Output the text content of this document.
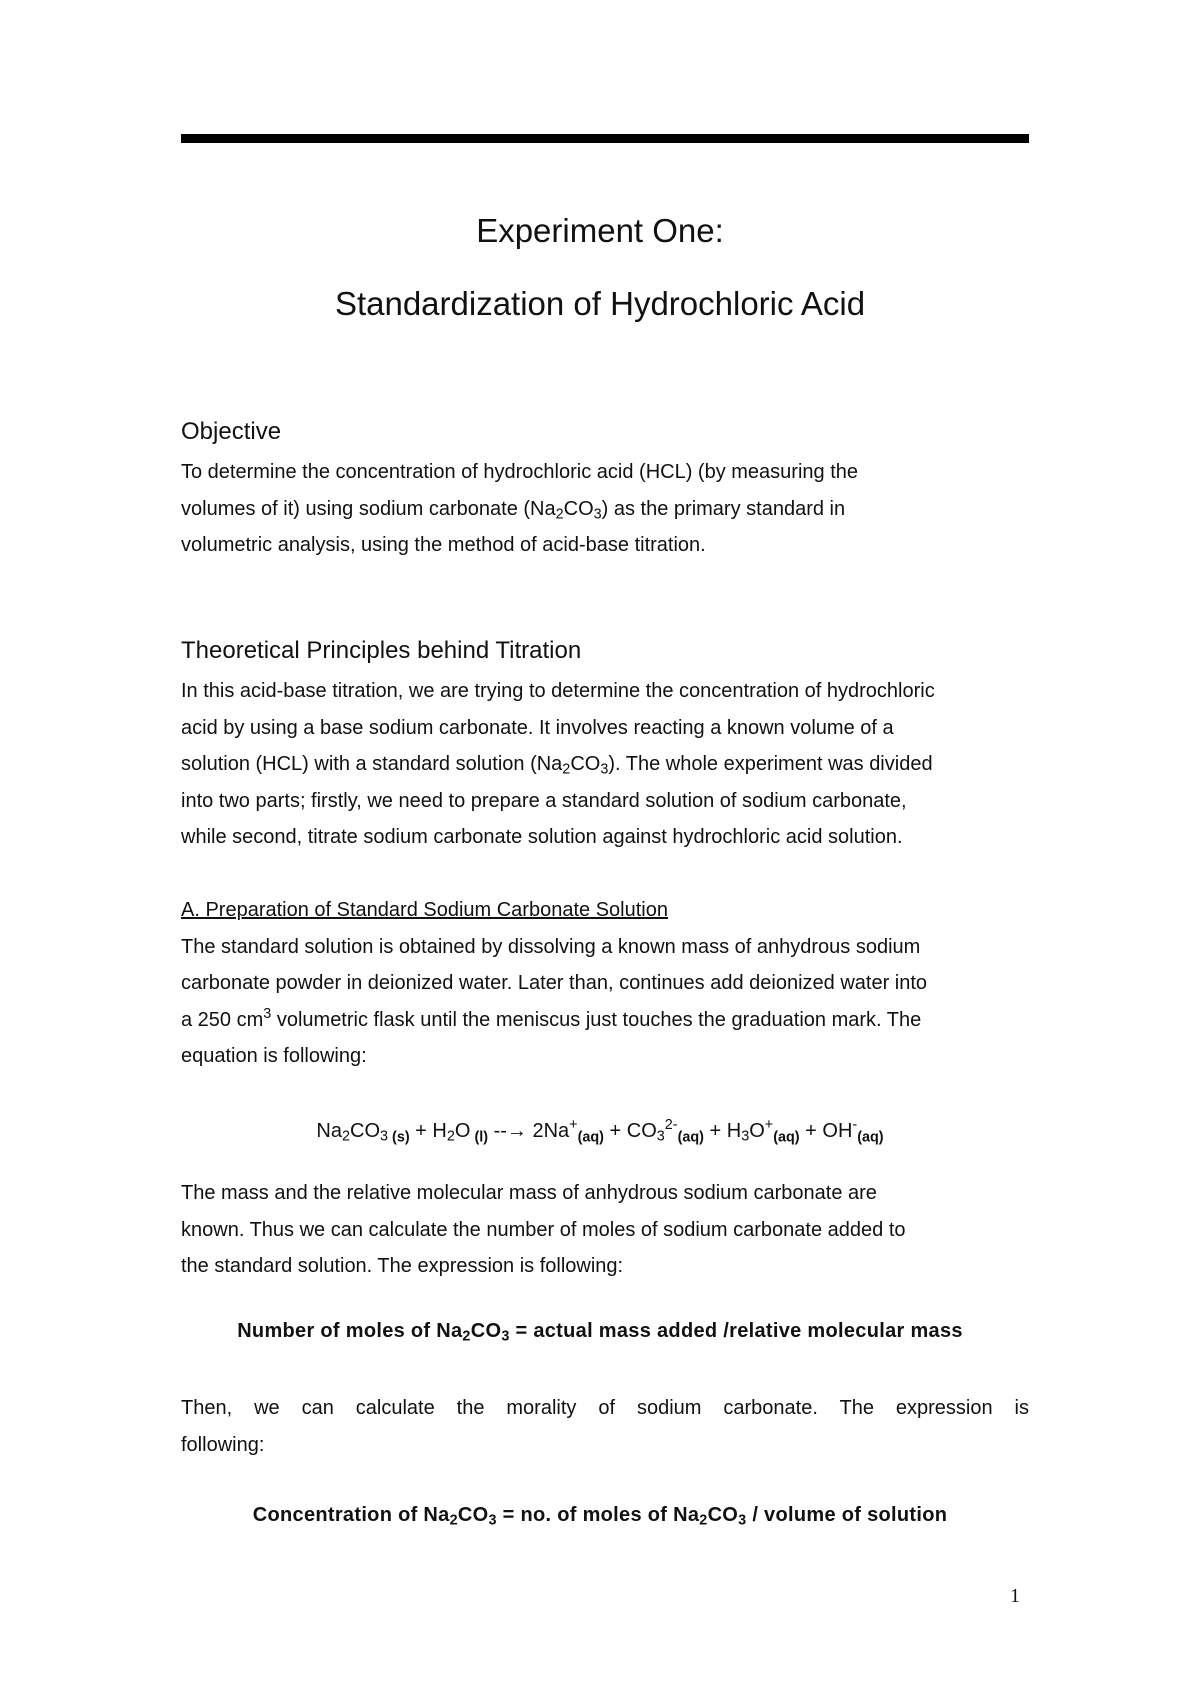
Experiment One:
Standardization of Hydrochloric Acid
Objective
To determine the concentration of hydrochloric acid (HCL) (by measuring the
volumes of it) using sodium carbonate $(Na_2CO_3)$ as the primary standard in
volumetric analysis, using the method of acid-base titration.
Theoretical Principles behind Titration
In this acid-base titration, we are trying to determine the concentration of hydrochloric
acid by using a base sodium carbonate. It involves reacting a known volume of a
solution (HCL) with a standard solution $(Na_2CO_3)$. The whole experiment was divided
into two parts; firstly, we need to prepare a standard solution of sodium carbonate,
while second, titrate sodium carbonate solution against hydrochloric acid solution.
A. Preparation of Standard Sodium Carbonate Solution
The standard solution is obtained by dissolving a known mass of anhydrous sodium
carbonate powder in deionized water. Later than, continues add deionized water into
a 250 $cm^3$ volumetric flask until the meniscus just touches the graduation mark. The
equation is following:
$Na_2CO_3$ $_{(s)} + H_2O$ $_{(l)}$ --→ $2Na^+_{(aq)} + CO_3^{2-}_{(aq)} + H_3O^+_{(aq)} + OH^-_{(aq)}$
The mass and the relative molecular mass of anhydrous sodium carbonate are
known. Thus we can calculate the number of moles of sodium carbonate added to
the standard solution. The expression is following:
Number of moles of $Na_2CO_3$ = actual mass added /relative molecular mass
Then, we can calculate the morality of sodium carbonate. The expression is
following:
Concentration of $Na_2CO_3$ = no. of moles of $Na_2CO_3$ / volume of solution
1
